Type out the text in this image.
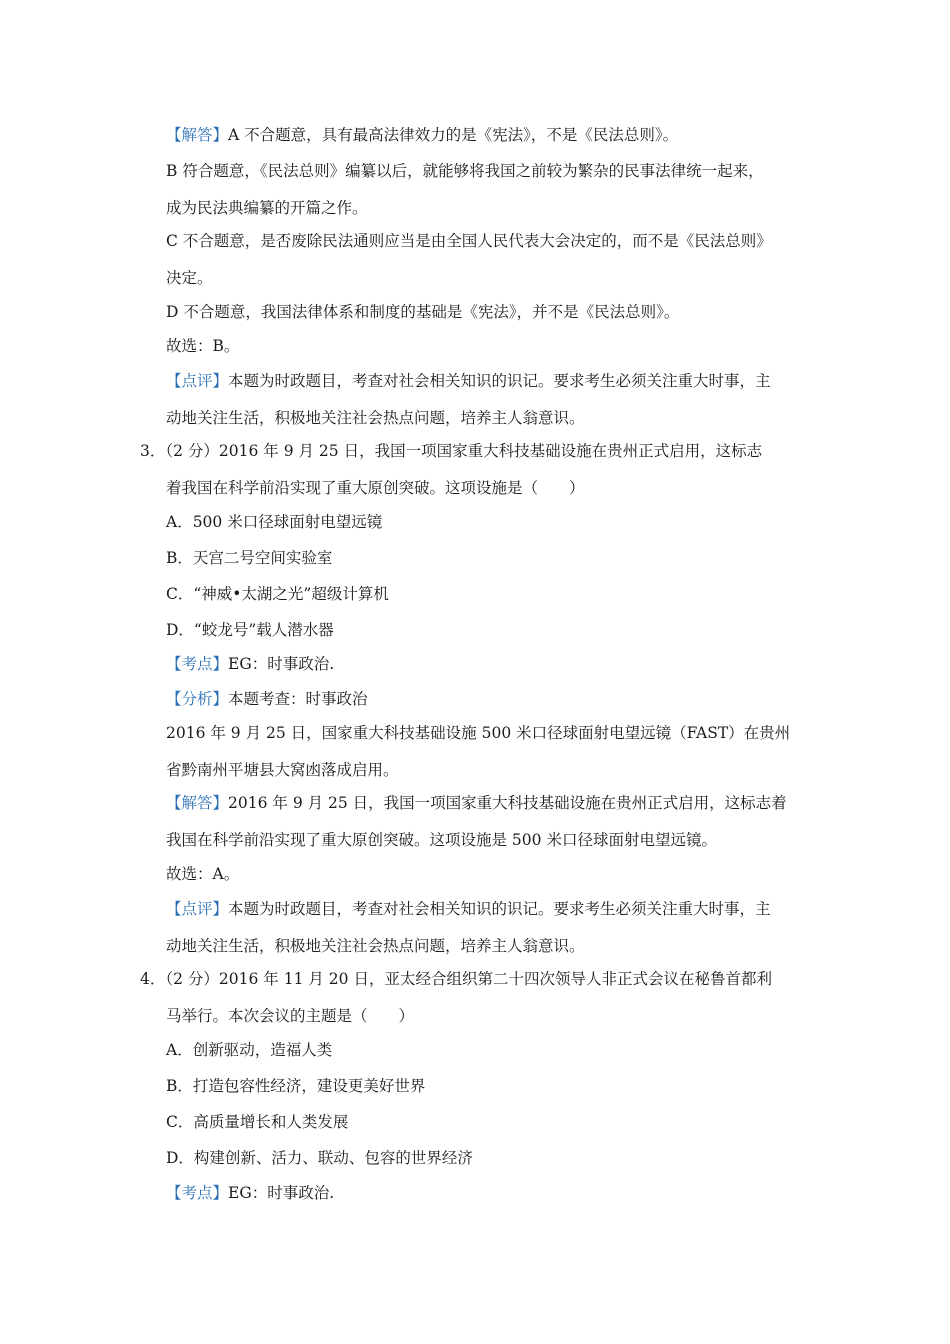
【解答】A 不合题意，具有最高法律效力的是《宪法》，不是《民法总则》。
B 符合题意，《民法总则》编纂以后，就能够将我国之前较为繁杂的民事法律统一起来，
成为民法典编纂的开篇之作。
C 不合题意，是否废除民法通则应当是由全国人民代表大会决定的，而不是《民法总则》
决定。
D 不合题意，我国法律体系和制度的基础是《宪法》，并不是《民法总则》。
故选：B。
【点评】本题为时政题目，考查对社会相关知识的识记。要求考生必须关注重大时事，主
动地关注生活，积极地关注社会热点问题，培养主人翁意识。
3．（2 分）2016 年 9 月 25 日，我国一项国家重大科技基础设施在贵州正式启用，这标志
着我国在科学前沿实现了重大原创突破。这项设施是（　　）
A．500 米口径球面射电望远镜
B．天宫二号空间实验室
C．“神威•太湖之光”超级计算机
D．“蛟龙号”载人潜水器
【考点】EG：时事政治.
【分析】本题考查：时事政治
2016 年 9 月 25 日，国家重大科技基础设施 500 米口径球面射电望远镜（FAST）在贵州
省黔南州平塘县大窝凼落成启用。
【解答】2016 年 9 月 25 日，我国一项国家重大科技基础设施在贵州正式启用，这标志着
我国在科学前沿实现了重大原创突破。这项设施是 500 米口径球面射电望远镜。
故选：A。
【点评】本题为时政题目，考查对社会相关知识的识记。要求考生必须关注重大时事，主
动地关注生活，积极地关注社会热点问题，培养主人翁意识。
4．（2 分）2016 年 11 月 20 日，亚太经合组织第二十四次领导人非正式会议在秘鲁首都利
马举行。本次会议的主题是（　　）
A．创新驱动，造福人类
B．打造包容性经济，建设更美好世界
C．高质量增长和人类发展
D．构建创新、活力、联动、包容的世界经济
【考点】EG：时事政治.
